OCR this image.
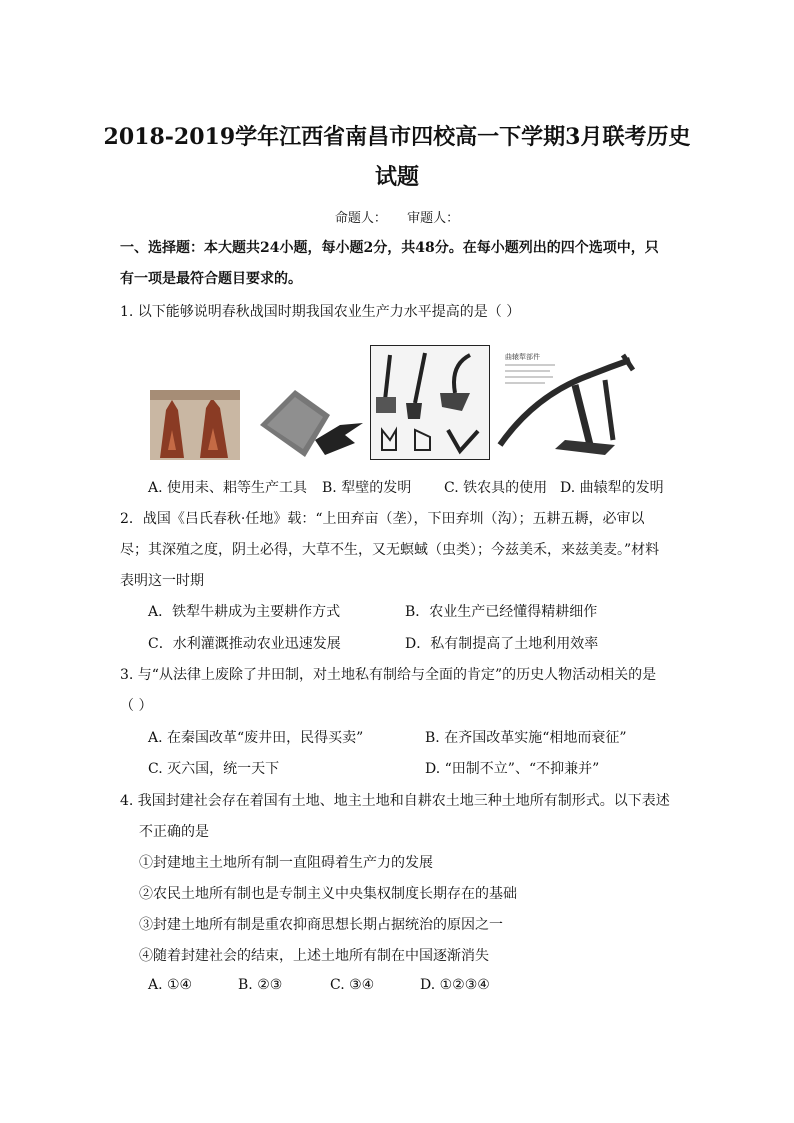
2018-2019学年江西省南昌市四校高一下学期3月联考历史
试题
命题人： 审题人：
一、选择题：本大题共24小题，每小题2分，共48分。在每小题列出的四个选项中，只
有一项是最符合题目要求的。
1. 以下能够说明春秋战国时期我国农业生产力水平提高的是（ ）
曲辕犁部件
A. 使用耒、耜等生产工具 B. 犁壁的发明 C. 铁农具的使用 D. 曲辕犁的发明
2．战国《吕氏春秋·任地》载：“上田弃亩（垄），下田弃圳（沟）；五耕五耨，必审以
尽；其深殖之度，阴土必得，大草不生，又无螟蜮（虫类）；今兹美禾，来兹美麦。”材料
表明这一时期
A．铁犁牛耕成为主要耕作方式	B．农业生产已经懂得精耕细作
C．水利灌溉推动农业迅速发展	D．私有制提高了土地利用效率
3. 与“从法律上废除了井田制，对土地私有制给与全面的肯定”的历史人物活动相关的是
（ ）
A. 在秦国改革“废井田，民得买卖”	B. 在齐国改革实施“相地而衰征”
C. 灭六国，统一天下	D. “田制不立”、“不抑兼并”
4. 我国封建社会存在着国有土地、地主土地和自耕农土地三种土地所有制形式。以下表述
不正确的是
①封建地主土地所有制一直阻碍着生产力的发展
②农民土地所有制也是专制主义中央集权制度长期存在的基础
③封建土地所有制是重农抑商思想长期占据统治的原因之一
④随着封建社会的结束，上述土地所有制在中国逐渐消失
A. ①④	B. ②③	C. ③④	D. ①②③④
